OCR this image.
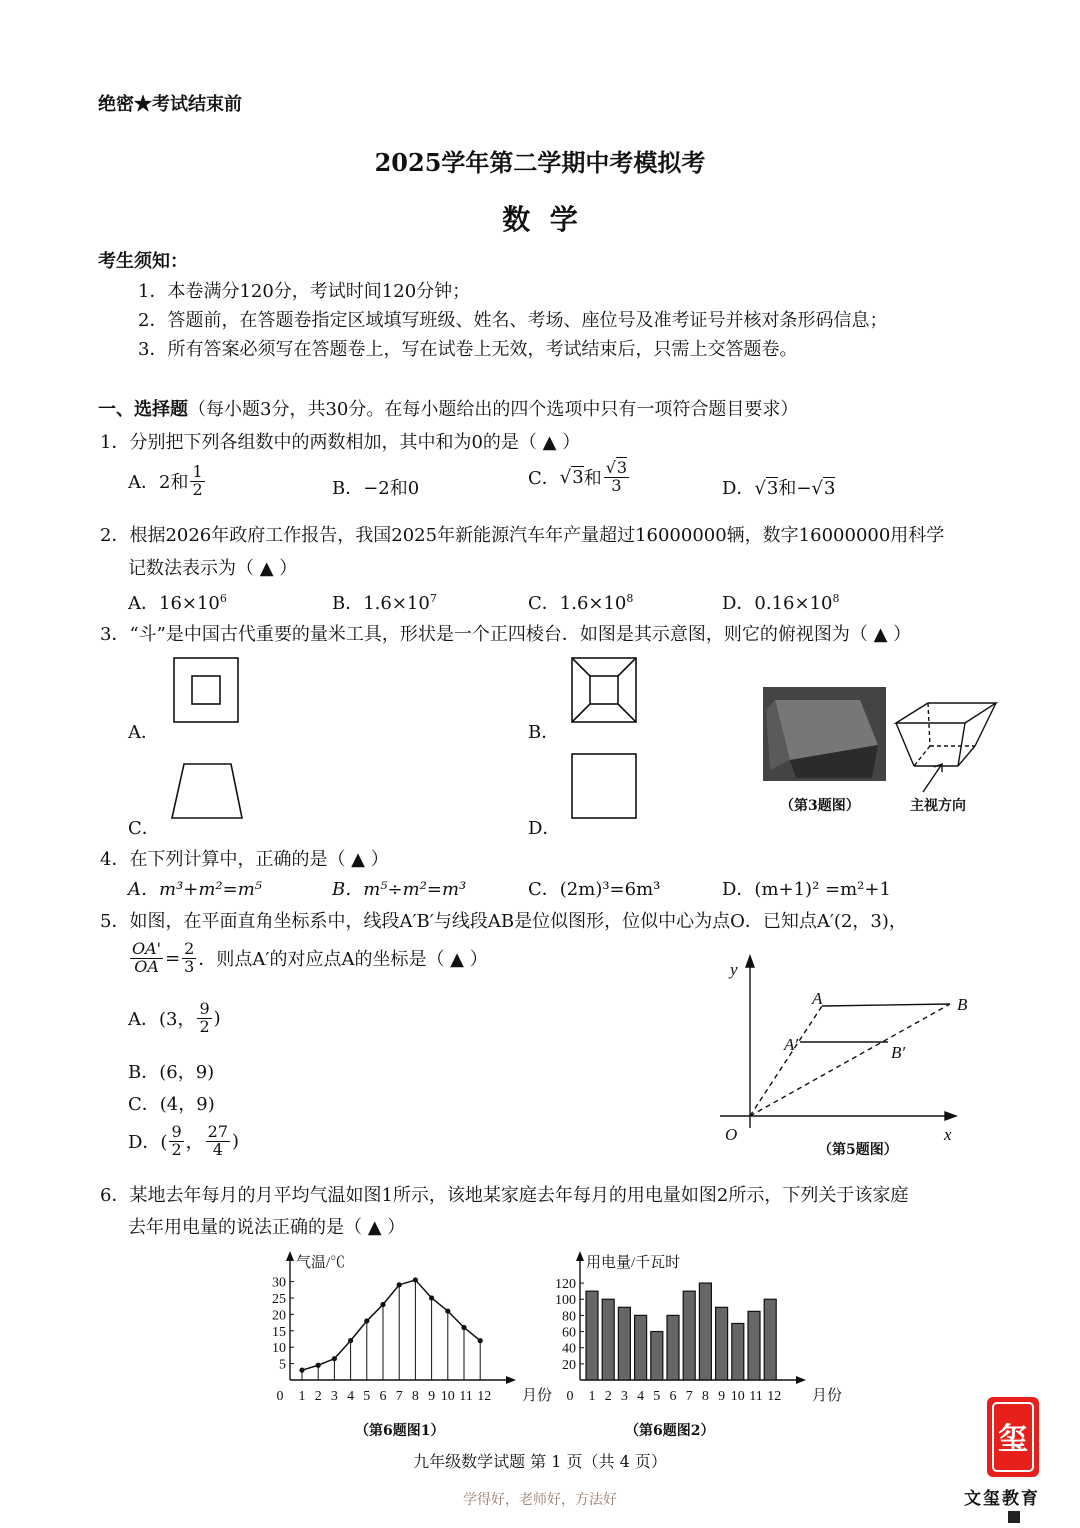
绝密★考试结束前
2025学年第二学期中考模拟考
数  学
考生须知：
1．本卷满分120分，考试时间120分钟；
2．答题前，在答题卷指定区域填写班级、姓名、考场、座位号及准考证号并核对条形码信息；
3．所有答案必须写在答题卷上，写在试卷上无效，考试结束后，只需上交答题卷。
一、选择题（每小题3分，共30分。在每小题给出的四个选项中只有一项符合题目要求）
1．分别把下列各组数中的两数相加，其中和为0的是（ ▲ ）
A．2和 $\frac{1}{2}$	B．−2和0	C． √ 3 和 $\frac{√3}{3}$	D．√3和−√3
2．根据2026年政府工作报告，我国2025年新能源汽车年产量超过16000000辆，数字16000000用科学
记数法表示为（ ▲ ）
A．$16\times 10^6$	B．$1.6\times 10^7$	C．$1.6\times 10^8$	D．$0.16\times 10^8$
3．“斗”是中国古代重要的量米工具，形状是一个正四棱台．如图是其示意图，则它的俯视图为（ ▲ ）
A．	B．
C．	D．
（第3题图）	主视方向
4．在下列计算中，正确的是（ ▲ ）
A．m³+m²=m⁵	B．m⁵÷m²=m³	C．(2m)³=6m³	D．(m+1)² =m²+1
5．如图，在平面直角坐标系中，线段A′B′与线段AB是位似图形，位似中心为点O．已知点A′(2，3)，
$\frac{OA'}{OA} = \frac{2}{3}$ ．则点A′的对应点A的坐标是（ ▲ ）
A．(3， $\frac{9}{2}$ )
B．(6，9)
C．(4，9)
D．( $\frac{9}{2}$ ， $\frac{27}{4}$ )
y
x
O
A	B
A′	B′
（第5题图）
6．某地去年每月的月平均气温如图1所示，该地某家庭去年每月的用电量如图2所示，下列关于该家庭
去年用电量的说法正确的是（ ▲ ）
气温/℃
5
10
15
20
25
30
0 1 2 3 4 5 6 7 8 9 10 11 12 月份
用电量/千瓦时
20
40
60
80
100
120
0 1 2 3 4 5 6 7 8 9 10 11 12 月份
（第6题图1）	（第6题图2）
九年级数学试题 第 1 页（共 4 页）
学得好，老师好，方法好
玺
文玺教育
